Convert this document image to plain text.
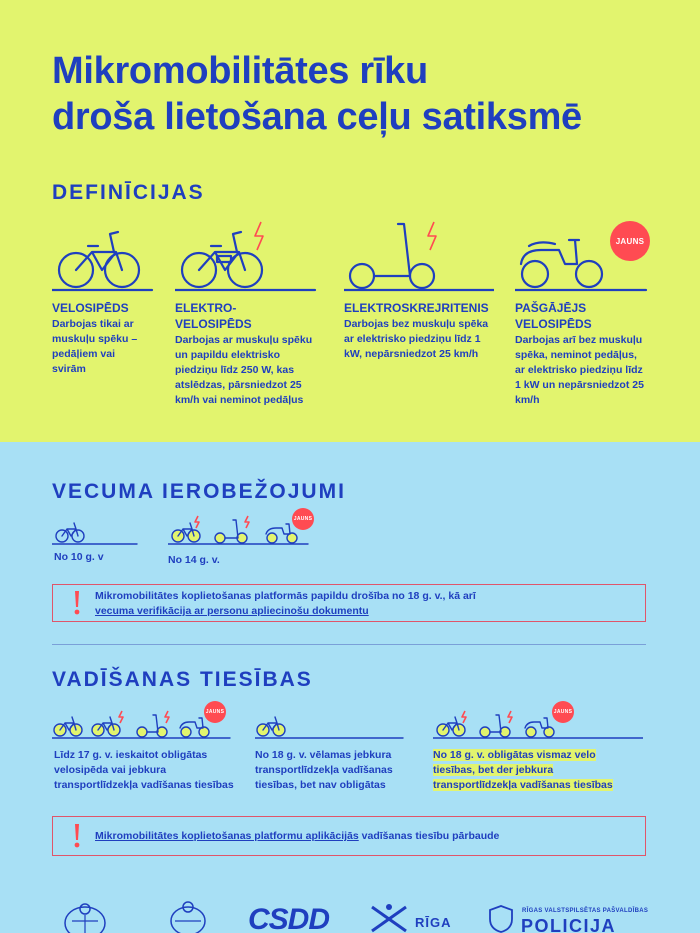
Mikromobilitātes rīku
droša lietošana ceļu satiksmē
DEFINĪCIJAS
VELOSIPĒDS
Darbojas tikai ar muskuļu spēku – pedāļiem vai svirām
ELEKTRO-VELOSIPĒDS
Darbojas ar muskuļu spēku un papildu elektrisko piedziņu līdz 250 W, kas atslēdzas, pārsniedzot 25 km/h vai neminot pedāļus
ELEKTROSKREJRITENIS
Darbojas bez muskuļu spēka ar elektrisko piedziņu līdz 1 kW, nepārsniedzot 25 km/h
PAŠGĀJĒJS VELOSIPĒDS
Darbojas arī bez muskuļu spēka, neminot pedāļus, ar elektrisko piedziņu līdz 1 kW un nepārsniedzot 25 km/h
JAUNS
VECUMA IEROBEŽOJUMI
No 10 g. v
JAUNS
No 14 g. v.
Mikromobilitātes koplietošanas platformās papildu drošība no 18 g. v., kā arī
vecuma verifikācija ar personu apliecinošu dokumentu
VADĪŠANAS TIESĪBAS
JAUNS
Līdz 17 g. v. ieskaitot obligātas velosipēda vai jebkura transportlīdzekļa vadīšanas tiesības
No 18 g. v. vēlamas jebkura transportlīdzekļa vadīšanas tiesības, bet nav obligātas
JAUNS
No 18 g. v. obligātas vismaz velo
tiesības, bet der jebkura
transportlīdzekļa vadīšanas tiesības
Mikromobilitātes koplietošanas platformu aplikācijās vadīšanas tiesību pārbaude
CSDD	RĪGA
RĪGAS VALSTSPILSĒTAS PAŠVALDĪBAS
POLICIJA
